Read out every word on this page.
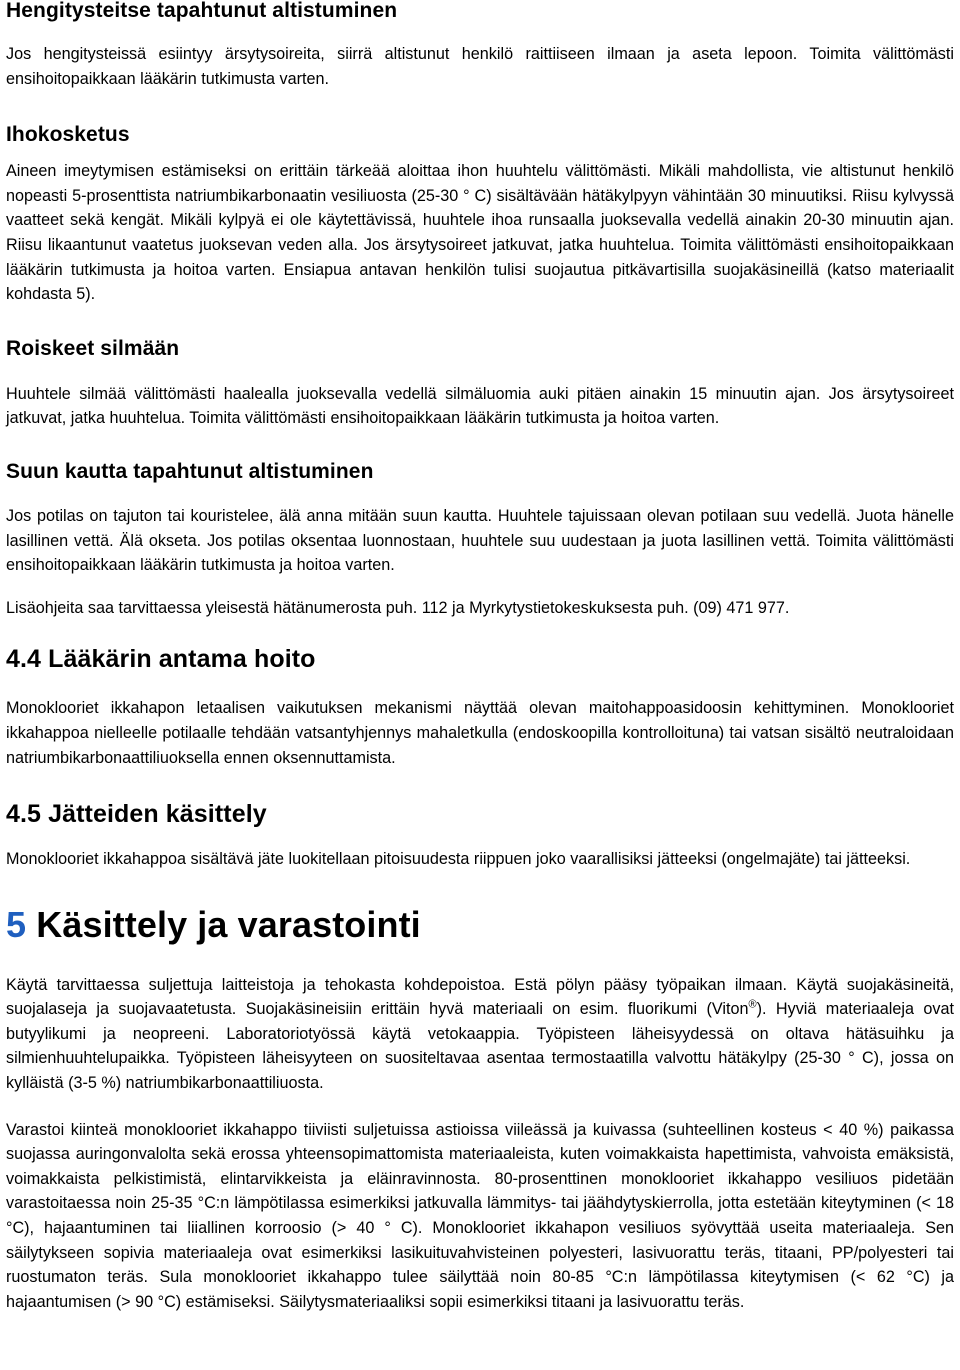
Hengitysteitse tapahtunut altistuminen

Jos hengitysteissä esiintyy ärsytysoireita, siirrä altistunut henkilö raittiiseen ilmaan ja aseta lepoon. Toimita välittömästi ensihoitopaikkaan lääkärin tutkimusta varten.

Ihokosketus

Aineen imeytymisen estämiseksi on erittäin tärkeää aloittaa ihon huuhtelu välittömästi. Mikäli mahdollista, vie altistunut henkilö nopeasti 5-prosenttista natriumbikarbonaatin vesiliuosta (25-30 ° C) sisältävään hätäkylpyyn vähintään 30 minuutiksi. Riisu kylvyssä vaatteet sekä kengät. Mikäli kylpyä ei ole käytettävissä, huuhtele ihoa runsaalla juoksevalla vedellä ainakin 20-30 minuutin ajan. Riisu likaantunut vaatetus juoksevan veden alla. Jos ärsytysoireet jatkuvat, jatka huuhtelua. Toimita välittömästi ensihoitopaikkaan lääkärin tutkimusta ja hoitoa varten. Ensiapua antavan henkilön tulisi suojautua pitkävartisilla suojakäsineillä (katso materiaalit kohdasta 5).

Roiskeet silmään

Huuhtele silmää välittömästi haalealla juoksevalla vedellä silmäluomia auki pitäen ainakin 15 minuutin ajan. Jos ärsytysoireet jatkuvat, jatka huuhtelua. Toimita välittömästi ensihoitopaikkaan lääkärin tutkimusta ja hoitoa varten.

Suun kautta tapahtunut altistuminen

Jos potilas on tajuton tai kouristelee, älä anna mitään suun kautta. Huuhtele tajuissaan olevan potilaan suu vedellä. Juota hänelle lasillinen vettä. Älä okseta. Jos potilas oksentaa luonnostaan, huuhtele suu uudestaan ja juota lasillinen vettä. Toimita välittömästi ensihoitopaikkaan lääkärin tutkimusta ja hoitoa varten.

Lisäohjeita saa tarvittaessa yleisestä hätänumerosta puh. 112 ja Myrkytystietokeskuksesta puh. (09) 471 977.

4.4 Lääkärin antama hoito

Monoklooriet ikkahapon letaalisen vaikutuksen mekanismi näyttää olevan maitohappoasidoosin kehittyminen. Monoklooriet ikkahappoa nielleelle potilaalle tehdään vatsantyhjennys mahaletkulla (endoskoopilla kontrolloituna) tai vatsan sisältö neutraloidaan natriumbikarbonaattiliuoksella ennen oksennuttamista.

4.5 Jätteiden käsittely

Monoklooriet ikkahappoa sisältävä jäte luokitellaan pitoisuudesta riippuen joko vaarallisiksi jätteeksi (ongelmajäte) tai jätteeksi.

5 Käsittely ja varastointi

Käytä tarvittaessa suljettuja laitteistoja ja tehokasta kohdepoistoa. Estä pölyn pääsy työpaikan ilmaan. Käytä suojakäsineitä, suojalaseja ja suojavaatetusta. Suojakäsineisiin erittäin hyvä materiaali on esim. fluorikumi (Viton®). Hyviä materiaaleja ovat butyylikumi ja neopreeni. Laboratoriotyössä käytä vetokaappia. Työpisteen läheisyydessä on oltava hätäsuihku ja silmienhuuhtelupaikka. Työpisteen läheisyyteen on suositeltavaa asentaa termostaatilla valvottu hätäkylpy (25-30 ° C), jossa on kylläistä (3-5 %) natriumbikarbonaattiliuosta.

Varastoi kiinteä monoklooriet ikkahappo tiiviisti suljetuissa astioissa viileässä ja kuivassa (suhteellinen kosteus < 40 %) paikassa suojassa auringonvalolta sekä erossa yhteensopimattomista materiaaleista, kuten voimakkaista hapettimista, vahvoista emäksistä, voimakkaista pelkistimistä, elintarvikkeista ja eläinravinnosta. 80-prosenttinen monoklooriet ikkahappo vesiliuos pidetään varastoitaessa noin 25-35 °C:n lämpötilassa esimerkiksi jatkuvalla lämmitys- tai jäähdytyskierrolla, jotta estetään kiteytyminen (< 18 °C), hajaantuminen tai liiallinen korroosio (> 40 ° C). Monoklooriet ikkahapon vesiliuos syövyttää useita materiaaleja. Sen säilytykseen sopivia materiaaleja ovat esimerkiksi lasikuituvahvisteinen polyesteri, lasivuorattu teräs, titaani, PP/polyesteri tai ruostumaton teräs. Sula monoklooriet ikkahappo tulee säilyttää noin 80-85 °C:n lämpötilassa kiteytymisen (< 62 °C) ja hajaantumisen (> 90 °C) estämiseksi. Säilytysmateriaaliksi sopii esimerkiksi titaani ja lasivuorattu teräs.
